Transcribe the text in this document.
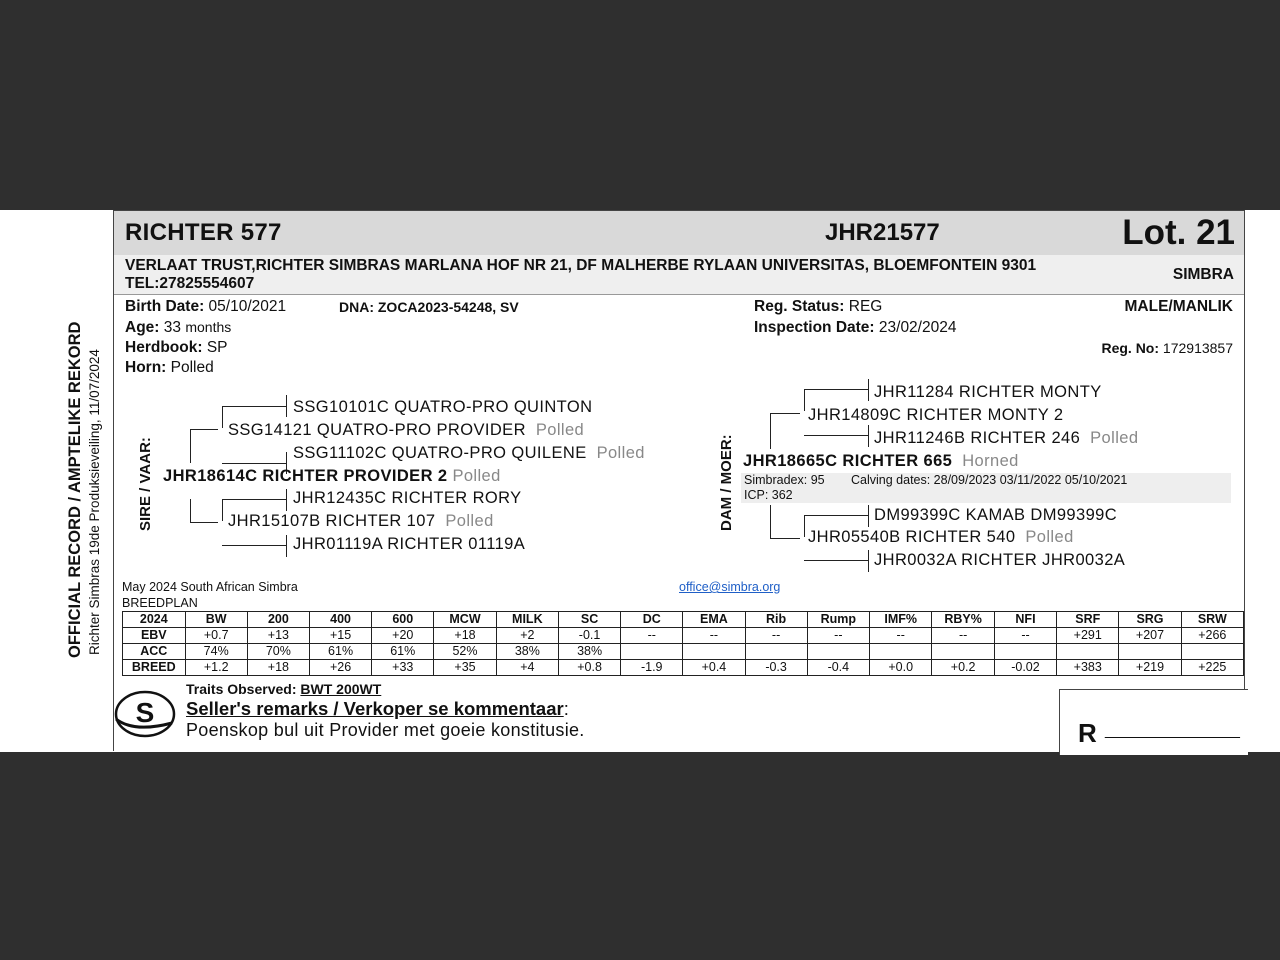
OFFICIAL RECORD / AMPTELIKE REKORD Richter Simbras 19de Produksieveiling, 11/07/2024
RICHTER 577	JHR21577	Lot. 21
VERLAAT TRUST,RICHTER SIMBRAS MARLANA HOF NR 21, DF MALHERBE RYLAAN UNIVERSITAS, BLOEMFONTEIN 9301 TEL:27825554607
SIMBRA
Birth Date: 05/10/2021	DNA: ZOCA2023-54248, SV
Age: 33 months
Herdbook: SP
Horn: Polled
Reg. Status: REG
Inspection Date: 23/02/2024
MALE/MANLIK
Reg. No: 172913857
SIRE / VAAR:
SSG10101C QUATRO-PRO QUINTON
SSG14121 QUATRO-PRO PROVIDER Polled
SSG11102C QUATRO-PRO QUILENE Polled
JHR18614C RICHTER PROVIDER 2 Polled
JHR12435C RICHTER RORY
JHR15107B RICHTER 107 Polled
JHR01119A RICHTER 01119A
DAM / MOER:
JHR11284 RICHTER MONTY
JHR14809C RICHTER MONTY 2
JHR11246B RICHTER 246 Polled
JHR18665C RICHTER 665 Horned
Simbradex: 95 Calving dates: 28/09/2023 03/11/2022 05/10/2021
ICP: 362
DM99399C KAMAB DM99399C
JHR05540B RICHTER 540 Polled
JHR0032A RICHTER JHR0032A
May 2024 South African Simbra
BREEDPLAN
office@simbra.org
2024	BW	200	400	600	MCW	MILK	SC	DC	EMA	Rib	Rump	IMF%	RBY%	NFI	SRF	SRG	SRW
EBV	+0.7	+13	+15	+20	+18	+2	-0.1	--	--	--	--	--	--	--	+291	+207	+266
ACC	74%	70%	61%	61%	52%	38%	38%										
BREED	+1.2	+18	+26	+33	+35	+4	+0.8	-1.9	+0.4	-0.3	-0.4	+0.0	+0.2	-0.02	+383	+219	+225
S
Traits Observed: BWT 200WT
Seller's remarks / Verkoper se kommentaar:
Poenskop bul uit Provider met goeie konstitusie.	R ________________
